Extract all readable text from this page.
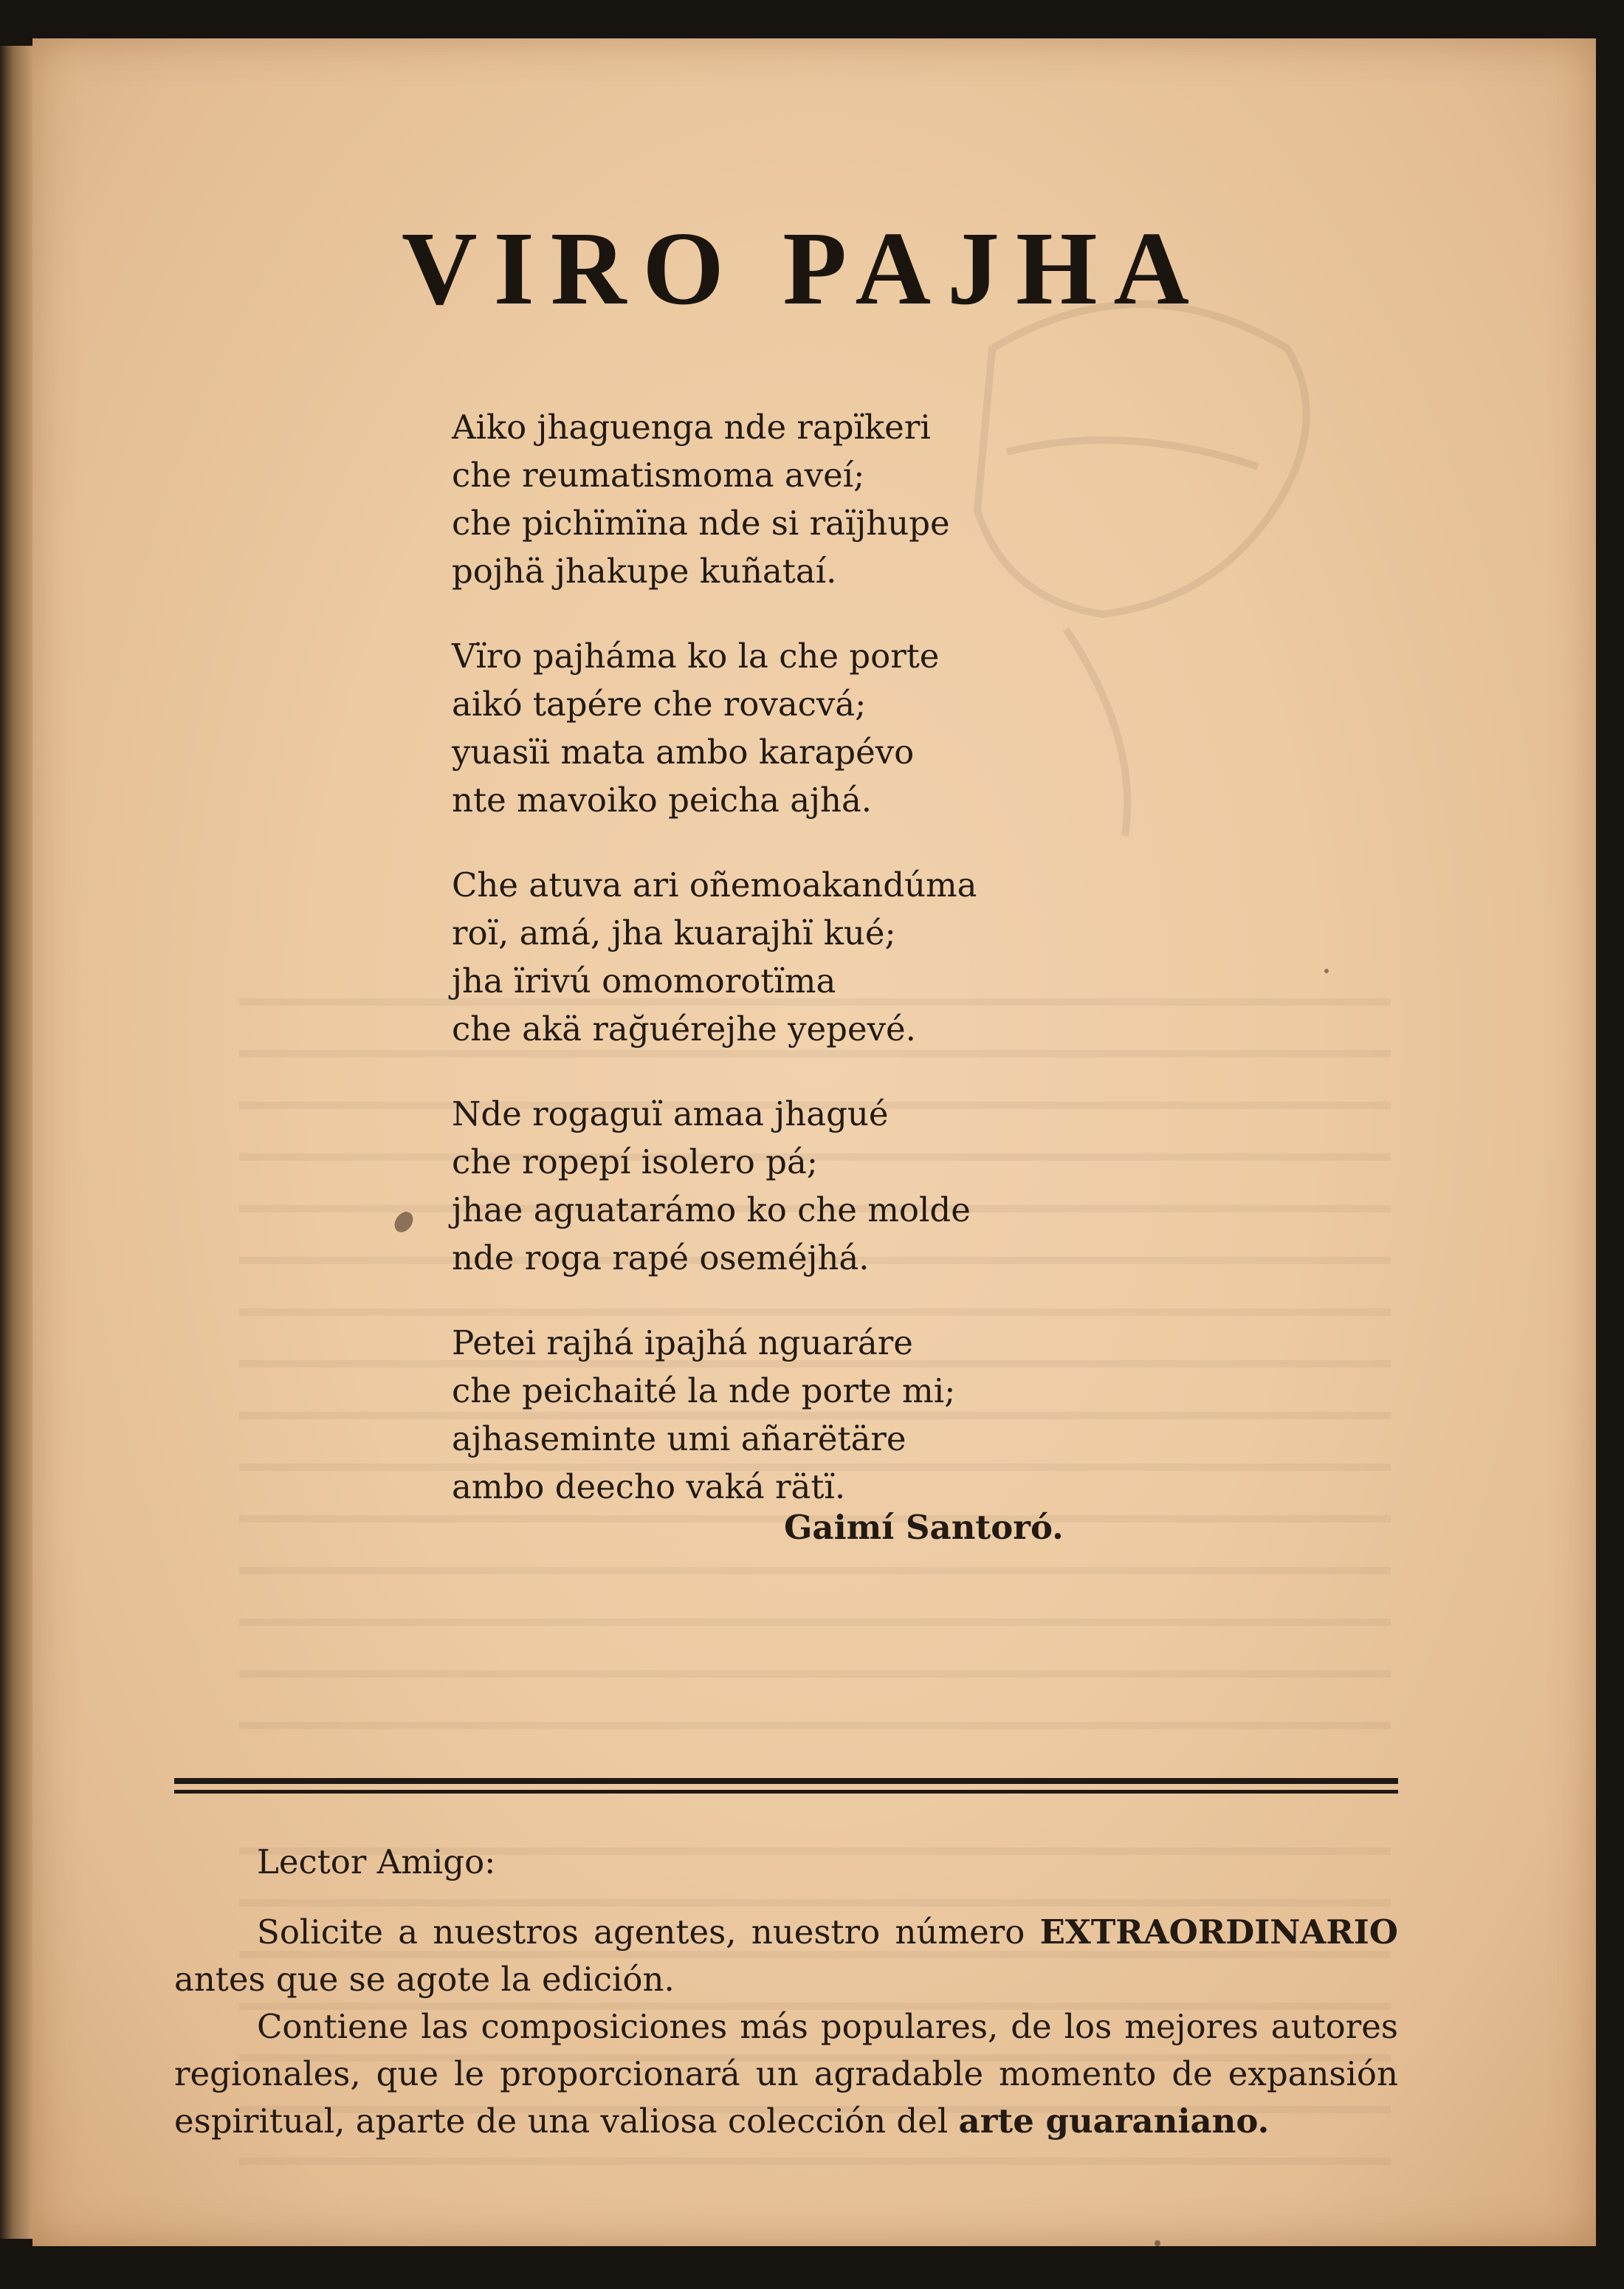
VIRO PAJHA
Aiko jhaguenga nde rapïkeri
che reumatismoma aveí;
che pichïmïna nde si raïjhupe
pojhä jhakupe kuñataí.
Vïro pajháma ko la che porte
aikó tapére che rovacvá;
yuasïi mata ambo karapévo
nte mavoiko peicha ajhá.
Che atuva ari oñemoakandúma
roï, amá, jha kuarajhï kué;
jha ïrivú omomorotïma
che akä rağuérejhe yepevé.
Nde rogaguï amaa jhagué
che ropepí isolero pá;
jhae aguatarámo ko che molde
nde roga rapé oseméjhá.
Petei rajhá ipajhá nguaráre
che peichaité la nde porte mi;
ajhaseminte umi añarëtäre
ambo deecho vaká rätï.
Gaimí Santoró.

Lector Amigo:

Solicite a nuestros agentes, nuestro número EXTRAORDINARIO antes que se agote la edición.

Contiene las composiciones más populares, de los mejores autores regionales, que le proporcionará un agradable momento de expansión espiritual, aparte de una valiosa colección del arte guaraniano.
